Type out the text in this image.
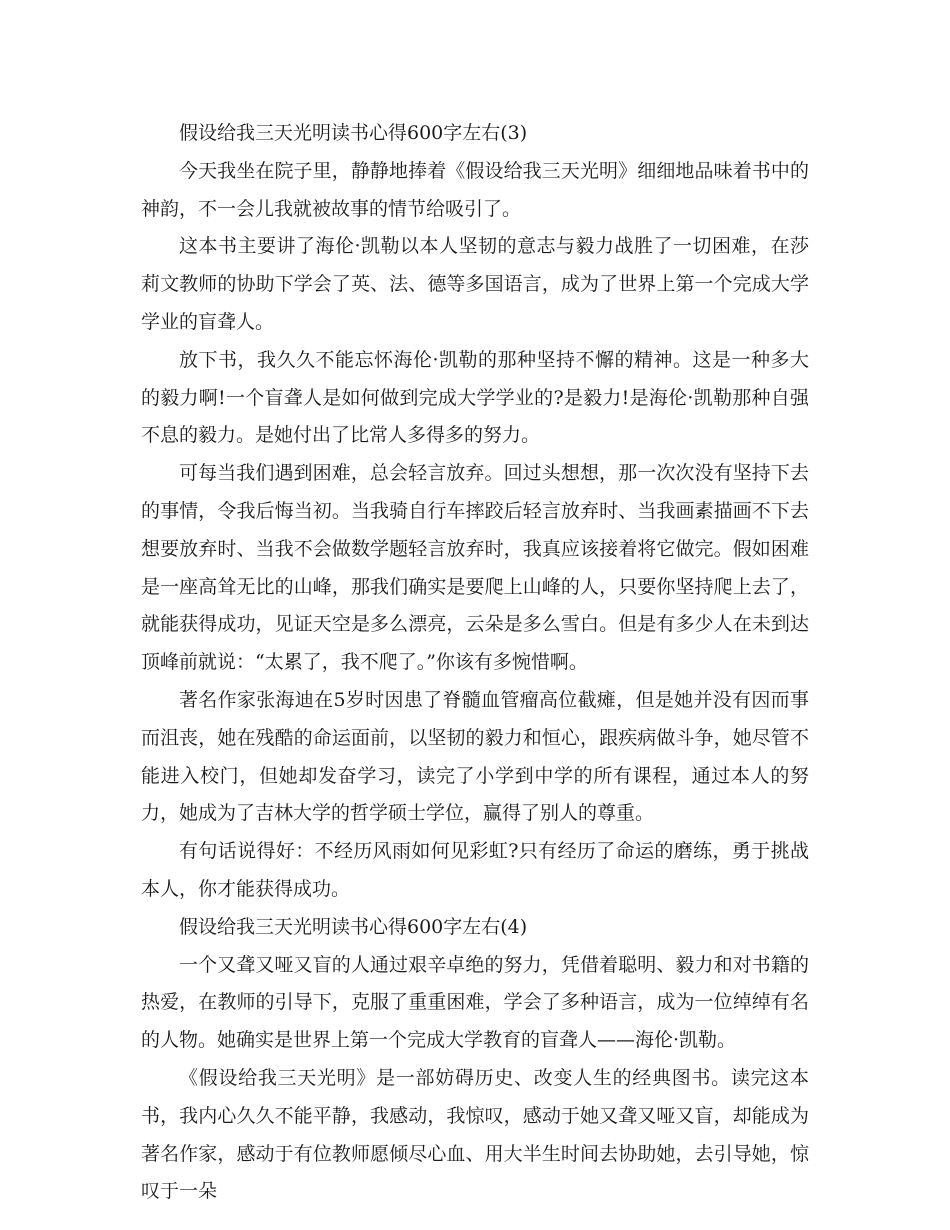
假设给我三天光明读书心得600字左右(3)

今天我坐在院子里，静静地捧着《假设给我三天光明》细细地品味着书中的神韵，不一会儿我就被故事的情节给吸引了。

这本书主要讲了海伦·凯勒以本人坚韧的意志与毅力战胜了一切困难，在莎莉文教师的协助下学会了英、法、德等多国语言，成为了世界上第一个完成大学学业的盲聋人。

放下书，我久久不能忘怀海伦·凯勒的那种坚持不懈的精神。这是一种多大的毅力啊!一个盲聋人是如何做到完成大学学业的?是毅力!是海伦·凯勒那种自强不息的毅力。是她付出了比常人多得多的努力。

可每当我们遇到困难，总会轻言放弃。回过头想想，那一次次没有坚持下去的事情，令我后悔当初。当我骑自行车摔跤后轻言放弃时、当我画素描画不下去想要放弃时、当我不会做数学题轻言放弃时，我真应该接着将它做完。假如困难是一座高耸无比的山峰，那我们确实是要爬上山峰的人，只要你坚持爬上去了，就能获得成功，见证天空是多么漂亮，云朵是多么雪白。但是有多少人在未到达顶峰前就说：“太累了，我不爬了。”你该有多惋惜啊。

著名作家张海迪在5岁时因患了脊髓血管瘤高位截瘫，但是她并没有因而事而沮丧，她在残酷的命运面前，以坚韧的毅力和恒心，跟疾病做斗争，她尽管不能进入校门，但她却发奋学习，读完了小学到中学的所有课程，通过本人的努力，她成为了吉林大学的哲学硕士学位，赢得了别人的尊重。

有句话说得好：不经历风雨如何见彩虹?只有经历了命运的磨练，勇于挑战本人，你才能获得成功。

假设给我三天光明读书心得600字左右(4)

一个又聋又哑又盲的人通过艰辛卓绝的努力，凭借着聪明、毅力和对书籍的热爱，在教师的引导下，克服了重重困难，学会了多种语言，成为一位绰绰有名的人物。她确实是世界上第一个完成大学教育的盲聋人——海伦·凯勒。

《假设给我三天光明》是一部妨碍历史、改变人生的经典图书。读完这本书，我内心久久不能平静，我感动，我惊叹，感动于她又聋又哑又盲，却能成为著名作家，感动于有位教师愿倾尽心血、用大半生时间去协助她，去引导她，惊叹于一朵
